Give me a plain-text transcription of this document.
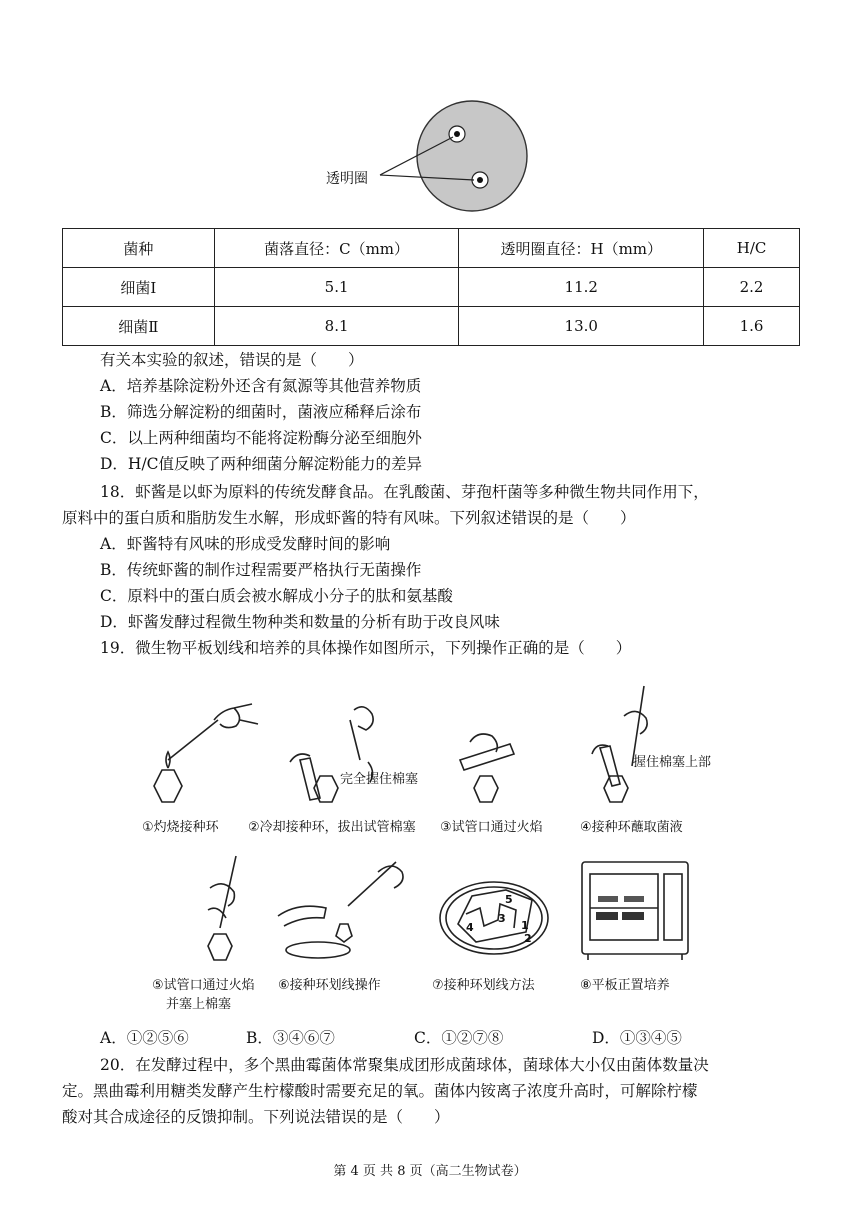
透明圈
菌种	菌落直径：C（mm）	透明圈直径：H（mm）	H/C
细菌Ⅰ	5.1	11.2	2.2
细菌Ⅱ	8.1	13.0	1.6
有关本实验的叙述，错误的是（　　）
A．培养基除淀粉外还含有氮源等其他营养物质
B．筛选分解淀粉的细菌时，菌液应稀释后涂布
C．以上两种细菌均不能将淀粉酶分泌至细胞外
D．H/C值反映了两种细菌分解淀粉能力的差异
18．虾酱是以虾为原料的传统发酵食品。在乳酸菌、芽孢杆菌等多种微生物共同作用下，
原料中的蛋白质和脂肪发生水解，形成虾酱的特有风味。下列叙述错误的是（　　）
A．虾酱特有风味的形成受发酵时间的影响
B．传统虾酱的制作过程需要严格执行无菌操作
C．原料中的蛋白质会被水解成小分子的肽和氨基酸
D．虾酱发酵过程微生物种类和数量的分析有助于改良风味
19．微生物平板划线和培养的具体操作如图所示，下列操作正确的是（　　）
完全握住棉塞
握住棉塞上部
①灼烧接种环 ②冷却接种环，拔出试管棉塞 ③试管口通过火焰	④接种环蘸取菌液
5
1
3
2
4
⑤试管口通过火焰
并塞上棉塞
⑥接种环划线操作	⑦接种环划线方法	⑧平板正置培养
A．①②⑤⑥	B．③④⑥⑦	C．①②⑦⑧	D．①③④⑤
20．在发酵过程中，多个黑曲霉菌体常聚集成团形成菌球体，菌球体大小仅由菌体数量决
定。黑曲霉利用糖类发酵产生柠檬酸时需要充足的氧。菌体内铵离子浓度升高时，可解除柠檬
酸对其合成途径的反馈抑制。下列说法错误的是（　　）
第 4 页 共 8 页（高二生物试卷）
